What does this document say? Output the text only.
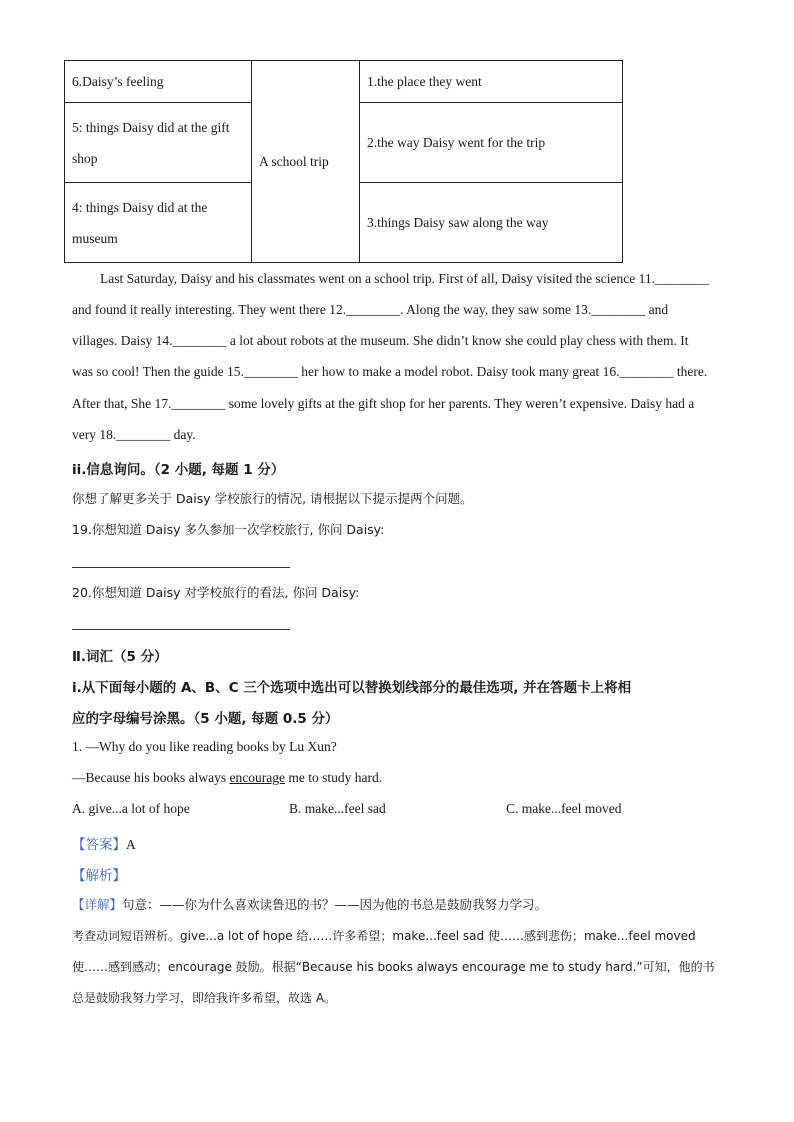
6.Daisy’s feeling	A school trip	1.the place they went
5: things Daisy did at the gift shop		2.the way Daisy went for the trip
4: things Daisy did at the museum		3.things Daisy saw along the way
Last Saturday, Daisy and his classmates went on a school trip. First of all, Daisy visited the science 11.________
and found it really interesting. They went there 12.________. Along the way, they saw some 13.________ and
villages. Daisy 14.________ a lot about robots at the museum. She didn’t know she could play chess with them. It
was so cool! Then the guide 15.________ her how to make a model robot. Daisy took many great 16.________ there.
After that, She 17.________ some lovely gifts at the gift shop for her parents. They weren’t expensive. Daisy had a
very 18.________ day.
ii.信息询问。（2 小题, 每题 1 分）
你想了解更多关于 Daisy 学校旅行的情况, 请根据以下提示提两个问题。
19.你想知道 Daisy 多久参加一次学校旅行, 你问 Daisy:
20.你想知道 Daisy 对学校旅行的看法, 你问 Daisy:
Ⅱ.词汇（5 分）
i.从下面每小题的 A、B、C 三个选项中选出可以替换划线部分的最佳选项, 并在答题卡上将相
应的字母编号涂黑。（5 小题, 每题 0.5 分）
1. —Why do you like reading books by Lu Xun?
—Because his books always encourage me to study hard.
A. give...a lot of hope	B. make...feel sad	C. make...feel moved
【答案】A
【解析】
【详解】句意：——你为什么喜欢读鲁迅的书？——因为他的书总是鼓励我努力学习。
考查动词短语辨析。give...a lot of hope 给……许多希望；make...feel sad 使……感到悲伤；make...feel moved
使……感到感动；encourage 鼓励。根据“Because his books always encourage me to study hard.”可知，他的书
总是鼓励我努力学习，即给我许多希望，故选 A。
